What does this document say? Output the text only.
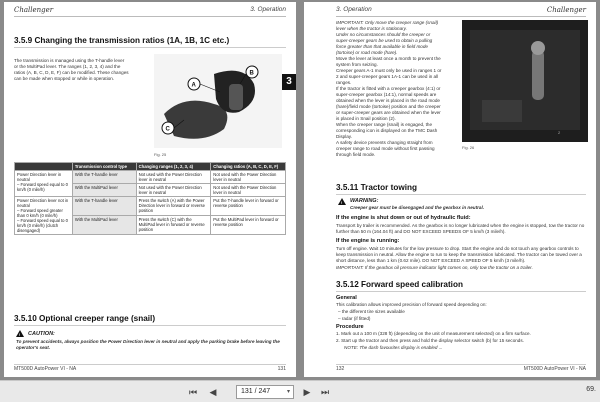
Challenger	3. Operation
3.5.9 Changing the transmission ratios (1A, 1B, 1C etc.)
The transmission is managed using the T-handle lever or the MultiPad lever. The ranges (1, 2, 3, 4) and the ratios (A, B, C, D, E, F) can be modified. These changes can be made when stopped or while in operation.
B
C
A
Fig. 25
	Transmission control type	Changing ranges (1, 2, 3, 4)	Changing ratios (A, B, C, D, E, F)
Power Direction lever in neutral
– Forward speed equal to 0 km/h (0 mile/h)	With the T-handle lever	Not used with the Power Direction lever in neutral	Not used with the Power Direction lever in neutral
	With the MultiPad lever	Not used with the Power Direction lever in neutral	Not used with the Power Direction lever in neutral
Power Direction lever not in neutral
– Forward speed greater than 0 km/h (0 mile/h)
– Forward speed equal to 0 km/h (0 mile/h) (clutch disengaged)	With the T-handle lever	Press the switch (A) with the Power Direction lever in forward or reverse position	Put the T-handle lever in forward or reverse position
	With the MultiPad lever	Press the switch (C) with the MultiPad lever in forward or reverse position	Put the MultiPad lever in forward or reverse position
3.5.10 Optional creeper range (snail)
! CAUTION:
To prevent accidents, always position the Power Direction lever in neutral and apply the parking brake before leaving the operator's seat.
MT500D AutoPower VI - NA	131
3
3. Operation	Challenger
IMPORTANT: Only move the creeper range (snail)
lever when the tractor is stationary.
Under no circumstances should the creeper or
super-creeper gears be used to obtain a pulling
force greater than that available in field mode
(tortoise) or road mode (hare).
Move the lever at least once a month to prevent the
system from seizing.
Creeper gears A-1 must only be used in ranges 1 or
2 and super-creeper gears 1A-1 can be used in all
ranges.
If the tractor is fitted with a creeper gearbox (4:1) or
super-creeper gearbox (14:1), normal speeds are
obtained when the lever is placed in the road mode
(hare)/field mode (tortoise) position and the creeper
or super-creeper gears are obtained when the lever
is placed in Snail position (2).
When the creeper range (snail) is engaged, the
corresponding icon is displayed on the TMC Dash
Display.
A safety device prevents changing straight from
creeper range to road mode without first passing
through field mode.
2
Fig. 26
3.5.11 Tractor towing
! WARNING:
Creeper gear must be disengaged and the gearbox in neutral.
If the engine is shut down or out of hydraulic fluid:
Transport by trailer is recommended. As the gearbox is no longer lubricated when the engine is stopped, tow the tractor no further than 50 m (164.04 ft) and DO NOT EXCEED SPEEDS OF 5 km/h (3 mile/h).
If the engine is running:
Turn off engine. Wait 10 minutes for the low pressure to drop. Start the engine and do not touch any gearbox controls to keep transmission in neutral. Allow the engine to run to keep the transmission lubricated. The tractor can be towed over a short distance, less than 1 km (0.62 mile). DO NOT EXCEED A SPEED OF 5 km/h (3 mile/h).
IMPORTANT: If the gearbox oil pressure indicator light comes on, only tow the tractor on a trailer.
3.5.12 Forward speed calibration
General
This calibration allows improved precision of forward speed depending on:
– the different tire sizes available
– radar (if fitted)
Procedure
1. Mark out a 100 m (328 ft) (depending on the unit of measurement selected) on a firm surface.
2. Start up the tractor and then press and hold the display selector switch (b) for 15 seconds.
NOTE: The dash favourites display is enabled ...
132	MT500D AutoPower VI - NA
⏮	◀	131 / 247	▾	▶	⏭	69.
